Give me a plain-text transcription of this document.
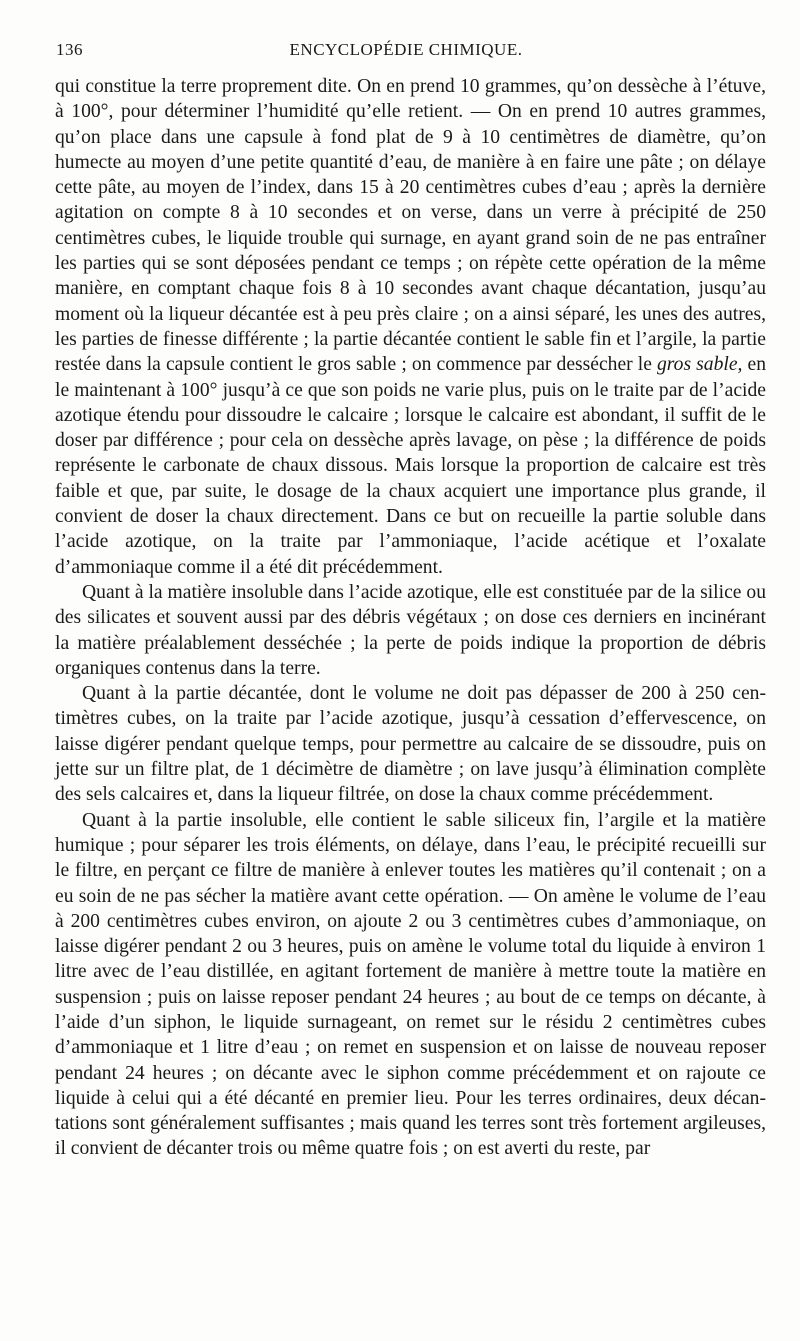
136	ENCYCLOPÉDIE CHIMIQUE.

qui constitue la terre proprement dite. On en prend 10 grammes, qu’on dessèche à l’étuve, à 100°, pour déterminer l’humidité qu’elle retient. — On en prend 10 autres grammes, qu’on place dans une capsule à fond plat de 9 à 10 centimètres de diamètre, qu’on humecte au moyen d’une petite quantité d’eau, de manière à en faire une pâte ; on délaye cette pâte, au moyen de l’index, dans 15 à 20 centimètres cubes d’eau ; après la dernière agitation on compte 8 à 10 secondes et on verse, dans un verre à précipité de 250 centimètres cubes, le liquide trouble qui surnage, en ayant grand soin de ne pas entraîner les parties qui se sont déposées pendant ce temps ; on répète cette opération de la même manière, en comptant chaque fois 8 à 10 secondes avant chaque décantation, jusqu’au moment où la liqueur décantée est à peu près claire ; on a ainsi séparé, les unes des autres, les parties de finesse différente ; la partie décantée contient le sable fin et l’argile, la partie restée dans la capsule contient le gros sable ; on commence par dessécher le gros sable, en le maintenant à 100° jusqu’à ce que son poids ne varie plus, puis on le traite par de l’acide azotique étendu pour dissoudre le calcaire ; lorsque le calcaire est abondant, il suffit de le doser par différence ; pour cela on dessèche après lavage, on pèse ; la différence de poids représente le carbonate de chaux dissous. Mais lorsque la proportion de calcaire est très faible et que, par suite, le dosage de la chaux acquiert une importance plus grande, il convient de doser la chaux directement. Dans ce but on recueille la partie soluble dans l’acide azotique, on la traite par l’ammoniaque, l’acide acétique et l’oxalate d’ammoniaque comme il a été dit précédemment.

Quant à la matière insoluble dans l’acide azotique, elle est constituée par de la silice ou des silicates et souvent aussi par des débris végétaux ; on dose ces derniers en incinérant la matière préalablement desséchée ; la perte de poids indique la proportion de débris organiques contenus dans la terre.

Quant à la partie décantée, dont le volume ne doit pas dépasser de 200 à 250 centimètres cubes, on la traite par l’acide azotique, jusqu’à cessation d’effervescence, on laisse digérer pendant quelque temps, pour permettre au calcaire de se dissoudre, puis on jette sur un filtre plat, de 1 décimètre de diamètre ; on lave jusqu’à élimination complète des sels calcaires et, dans la liqueur filtrée, on dose la chaux comme précédemment.

Quant à la partie insoluble, elle contient le sable siliceux fin, l’argile et la matière humique ; pour séparer les trois éléments, on délaye, dans l’eau, le précipité recueilli sur le filtre, en perçant ce filtre de manière à enlever toutes les matières qu’il contenait ; on a eu soin de ne pas sécher la matière avant cette opération. — On amène le volume de l’eau à 200 centimètres cubes environ, on ajoute 2 ou 3 centimètres cubes d’ammoniaque, on laisse digérer pendant 2 ou 3 heures, puis on amène le volume total du liquide à environ 1 litre avec de l’eau distillée, en agitant fortement de manière à mettre toute la matière en suspension ; puis on laisse reposer pendant 24 heures ; au bout de ce temps on décante, à l’aide d’un siphon, le liquide surnageant, on remet sur le résidu 2 centimètres cubes d’ammoniaque et 1 litre d’eau ; on remet en suspension et on laisse de nouveau reposer pendant 24 heures ; on décante avec le siphon comme précédemment et on rajoute ce liquide à celui qui a été décanté en premier lieu. Pour les terres ordinaires, deux décantations sont généralement suffisantes ; mais quand les terres sont très fortement argileuses, il convient de décanter trois ou même quatre fois ; on est averti du reste, par
